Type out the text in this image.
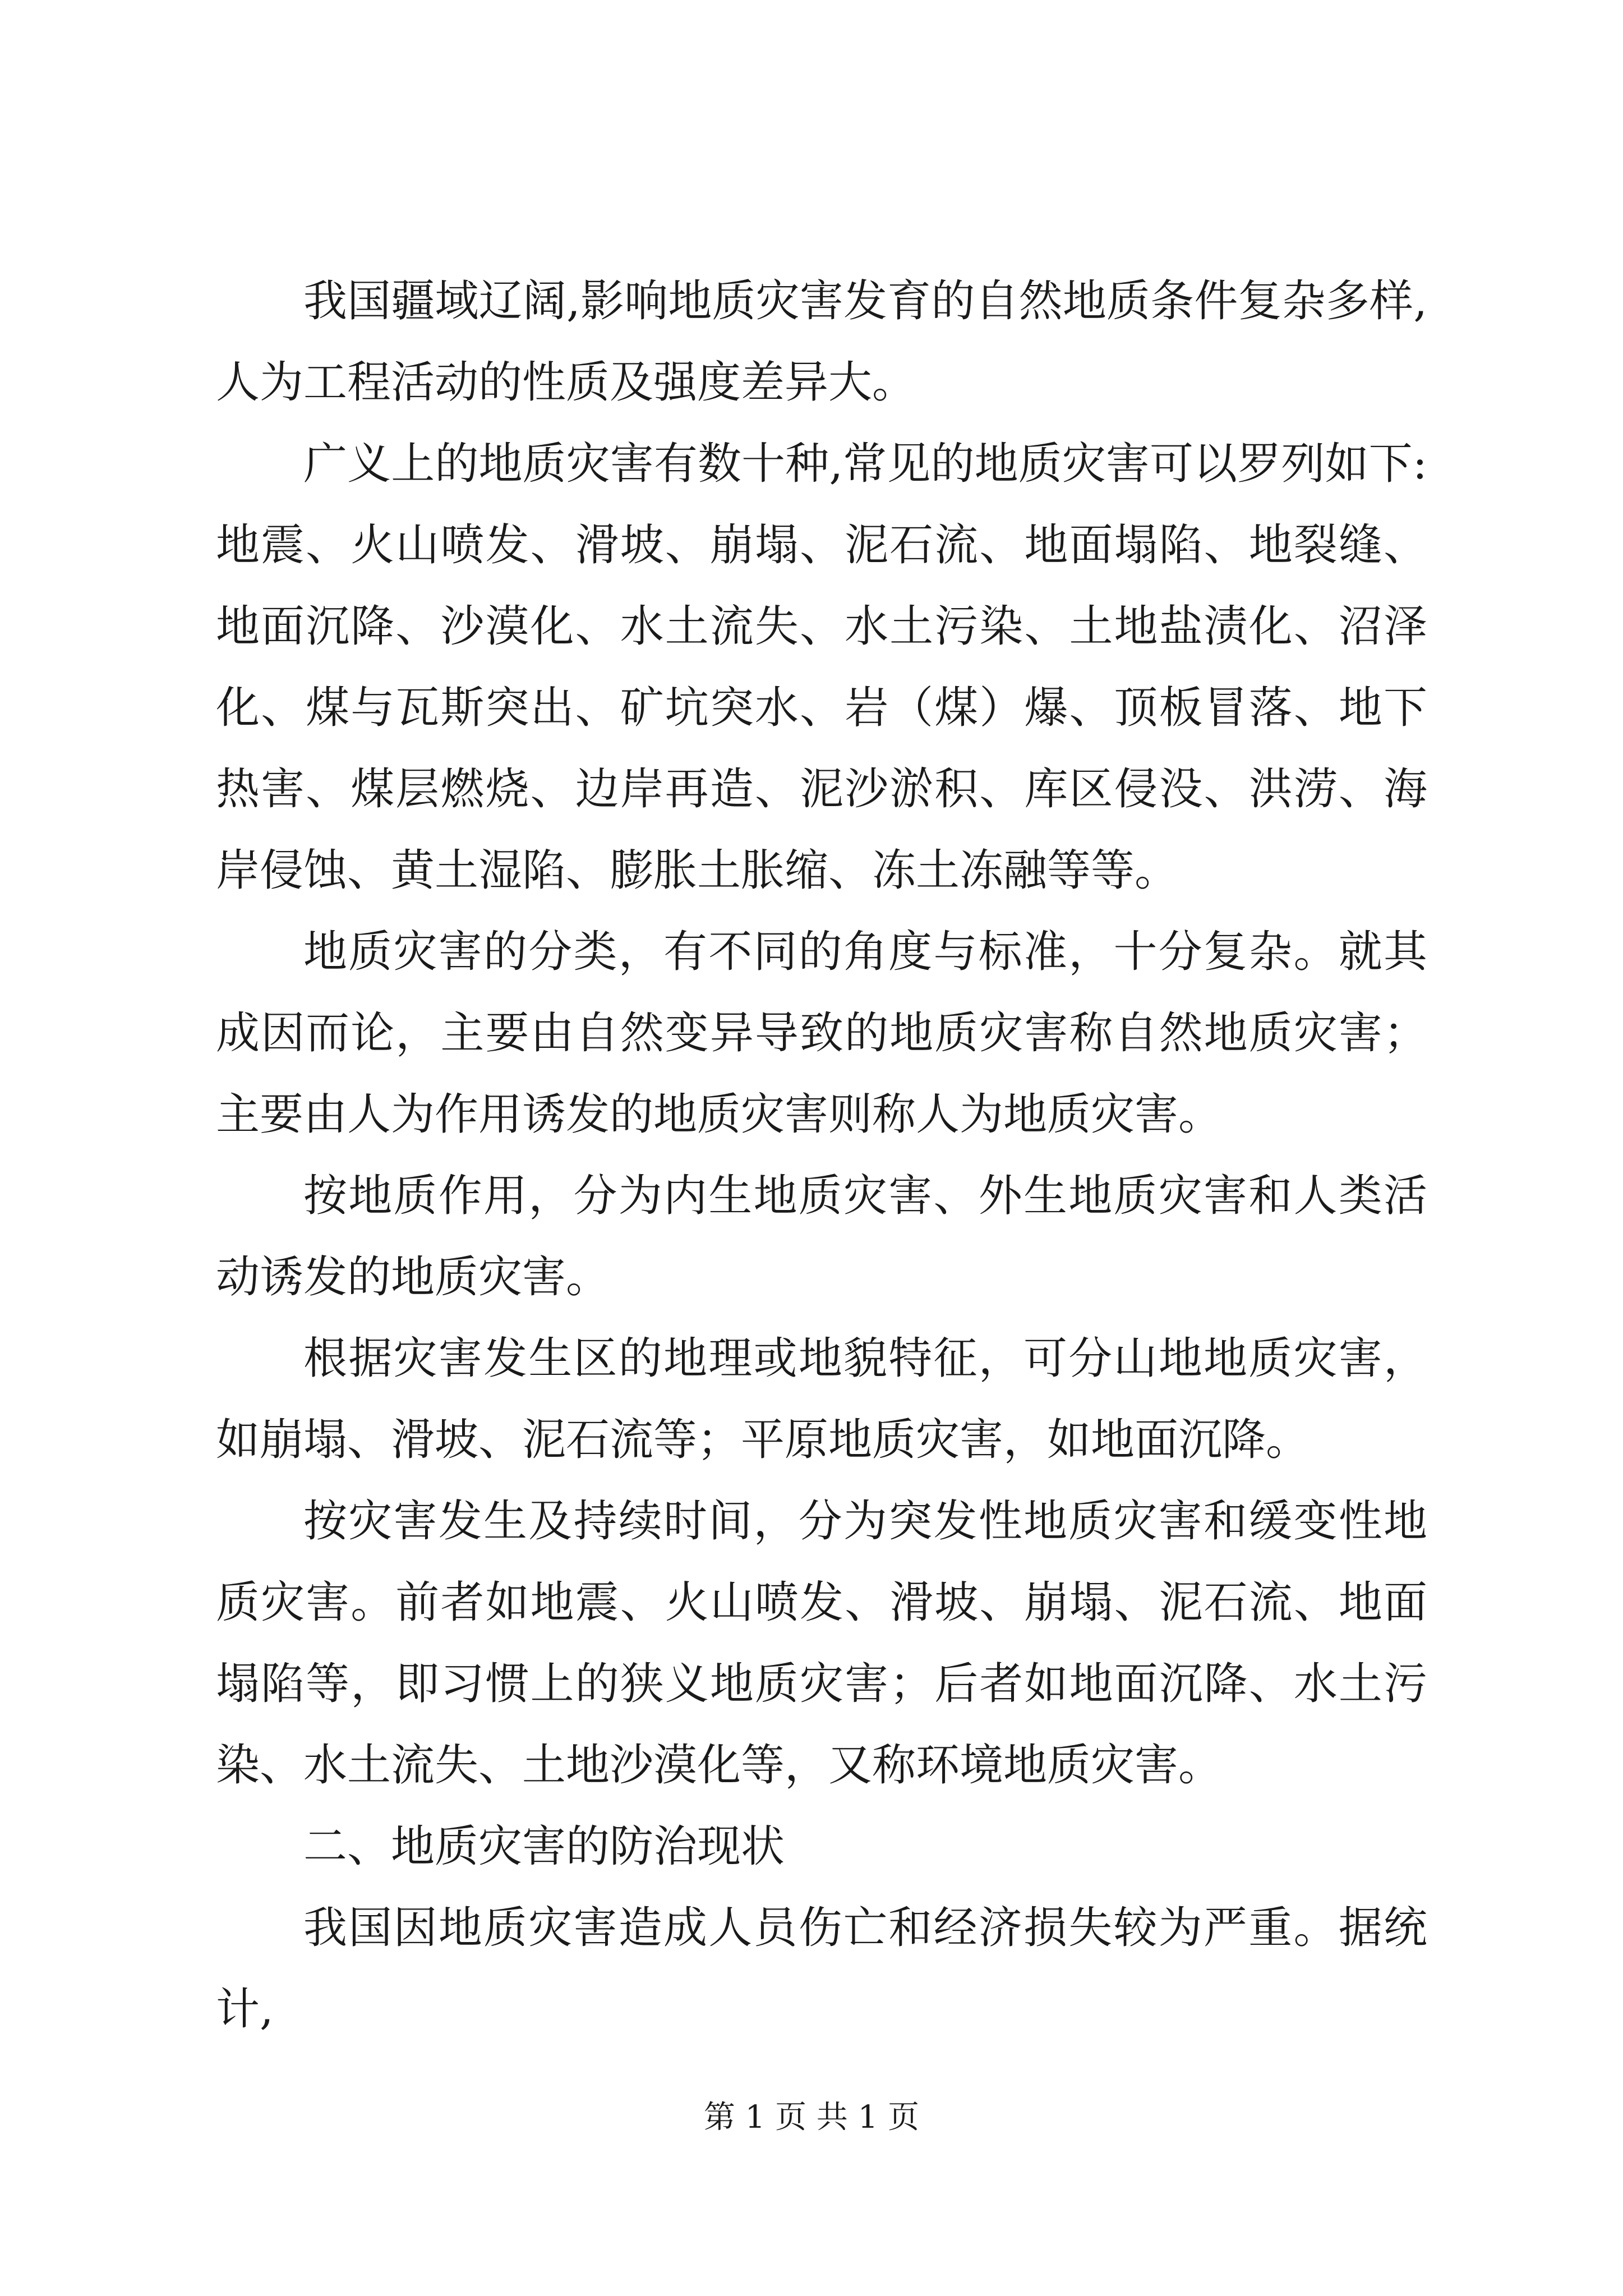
我国疆域辽阔,影响地质灾害发育的自然地质条件复杂多样,人为工程活动的性质及强度差异大。

广义上的地质灾害有数十种,常见的地质灾害可以罗列如下:地震、火山喷发、滑坡、崩塌、泥石流、地面塌陷、地裂缝、地面沉降、沙漠化、水土流失、水土污染、土地盐渍化、沼泽化、煤与瓦斯突出、矿坑突水、岩（煤）爆、顶板冒落、地下热害、煤层燃烧、边岸再造、泥沙淤积、库区侵没、洪涝、海岸侵蚀、黄土湿陷、膨胀土胀缩、冻土冻融等等。

地质灾害的分类，有不同的角度与标准，十分复杂。就其成因而论，主要由自然变异导致的地质灾害称自然地质灾害；主要由人为作用诱发的地质灾害则称人为地质灾害。

按地质作用，分为内生地质灾害、外生地质灾害和人类活动诱发的地质灾害。

根据灾害发生区的地理或地貌特征，可分山地地质灾害，如崩塌、滑坡、泥石流等；平原地质灾害，如地面沉降。

按灾害发生及持续时间，分为突发性地质灾害和缓变性地质灾害。前者如地震、火山喷发、滑坡、崩塌、泥石流、地面塌陷等，即习惯上的狭义地质灾害；后者如地面沉降、水土污染、水土流失、土地沙漠化等，又称环境地质灾害。

二、地质灾害的防治现状

我国因地质灾害造成人员伤亡和经济损失较为严重。据统计,

第 1 页 共 1 页
